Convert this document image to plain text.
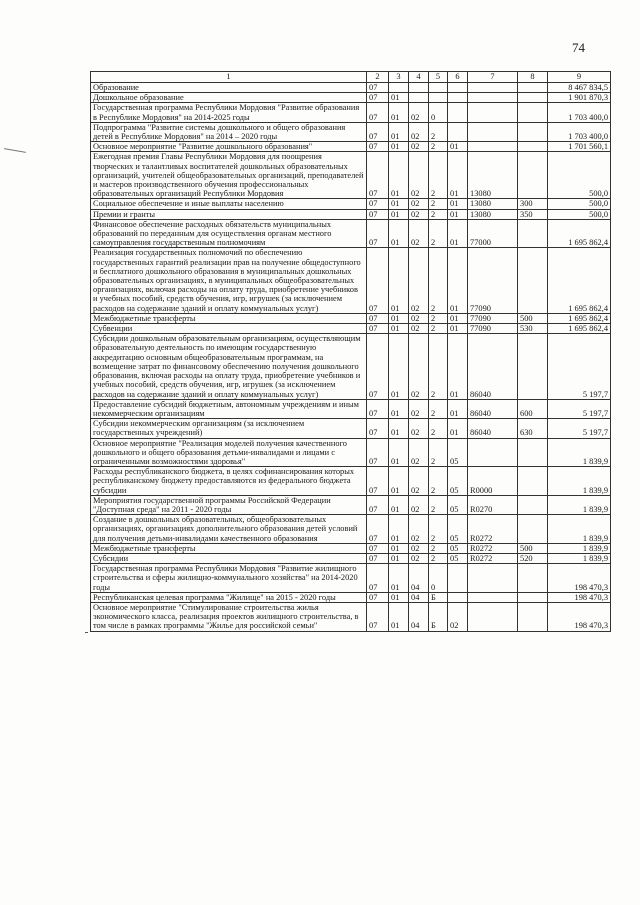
74
1	2	3	4	5	6	7	8	9
Образование	07							8 467 834,5
Дошкольное образование	07	01						1 901 870,3
Государственная программа Республики Мордовия "Развитие образования в Республике Мордовия" на 2014-2025 годы	07	01	02	0				1 703 400,0
Подпрограмма "Развитие системы дошкольного и общего образования детей в Республике Мордовия" на 2014 – 2020 годы	07	01	02	2				1 703 400,0
Основное мероприятие "Развитие дошкольного образования"	07	01	02	2	01			1 701 560,1
Ежегодная премия Главы Республики Мордовия для поощрения творческих и талантливых воспитателей дошкольных образовательных организаций, учителей общеобразовательных организаций, преподавателей и мастеров производственного обучения профессиональных образовательных организаций Республики Мордовия	07	01	02	2	01	13080		500,0
Социальное обеспечение и иные выплаты населению	07	01	02	2	01	13080	300	500,0
Премии и гранты	07	01	02	2	01	13080	350	500,0
Финансовое обеспечение расходных обязательств муниципальных образований по переданным для осуществления органам местного самоуправления государственным полномочиям	07	01	02	2	01	77000		1 695 862,4
Реализация государственных полномочий по обеспечению государственных гарантий реализации прав на получение общедоступного и бесплатного дошкольного образования в муниципальных дошкольных образовательных организациях, в муниципальных общеобразовательных организациях, включая расходы на оплату труда, приобретение учебников и учебных пособий, средств обучения, игр, игрушек (за исключением расходов на содержание зданий и оплату коммунальных услуг)	07	01	02	2	01	77090		1 695 862,4
Межбюджетные трансферты	07	01	02	2	01	77090	500	1 695 862,4
Субвенции	07	01	02	2	01	77090	530	1 695 862,4
Субсидии дошкольным образовательным организациям, осуществляющим образовательную деятельность по имеющим государственную аккредитацию основным общеобразовательным программам, на возмещение затрат по финансовому обеспечению получения дошкольного образования, включая расходы на оплату труда, приобретение учебников и учебных пособий, средств обучения, игр, игрушек (за исключением расходов на содержание зданий и оплату коммунальных услуг)	07	01	02	2	01	86040		5 197,7
Предоставление субсидий бюджетным, автономным учреждениям и иным некоммерческим организациям	07	01	02	2	01	86040	600	5 197,7
Субсидии некоммерческим организациям (за исключением государственных учреждений)	07	01	02	2	01	86040	630	5 197,7
Основное мероприятие "Реализация моделей получения качественного дошкольного и общего образования детьми-инвалидами и лицами с ограниченными возможностями здоровья"	07	01	02	2	05			1 839,9
Расходы республиканского бюджета, в целях софинансирования которых республиканскому бюджету предоставляются из федерального бюджета субсидии	07	01	02	2	05	R0000		1 839,9
Мероприятия государственной программы Российской Федерации "Доступная среда" на 2011 - 2020 годы	07	01	02	2	05	R0270		1 839,9
Создание в дошкольных образовательных, общеобразовательных организациях, организациях дополнительного образования детей условий для получения детьми-инвалидами качественного образования	07	01	02	2	05	R0272		1 839,9
Межбюджетные трансферты	07	01	02	2	05	R0272	500	1 839,9
Субсидии	07	01	02	2	05	R0272	520	1 839,9
Государственная программа Республики Мордовия "Развитие жилищного строительства и сферы жилищно-коммунального хозяйства" на 2014-2020 годы	07	01	04	0				198 470,3
Республиканская целевая программа "Жилище" на 2015 - 2020 годы	07	01	04	Б				198 470,3
Основное мероприятие "Стимулирование строительства жилья экономического класса, реализация проектов жилищного строительства, в том числе в рамках программы "Жилье для российской семьи"	07	01	04	Б	02			198 470,3
